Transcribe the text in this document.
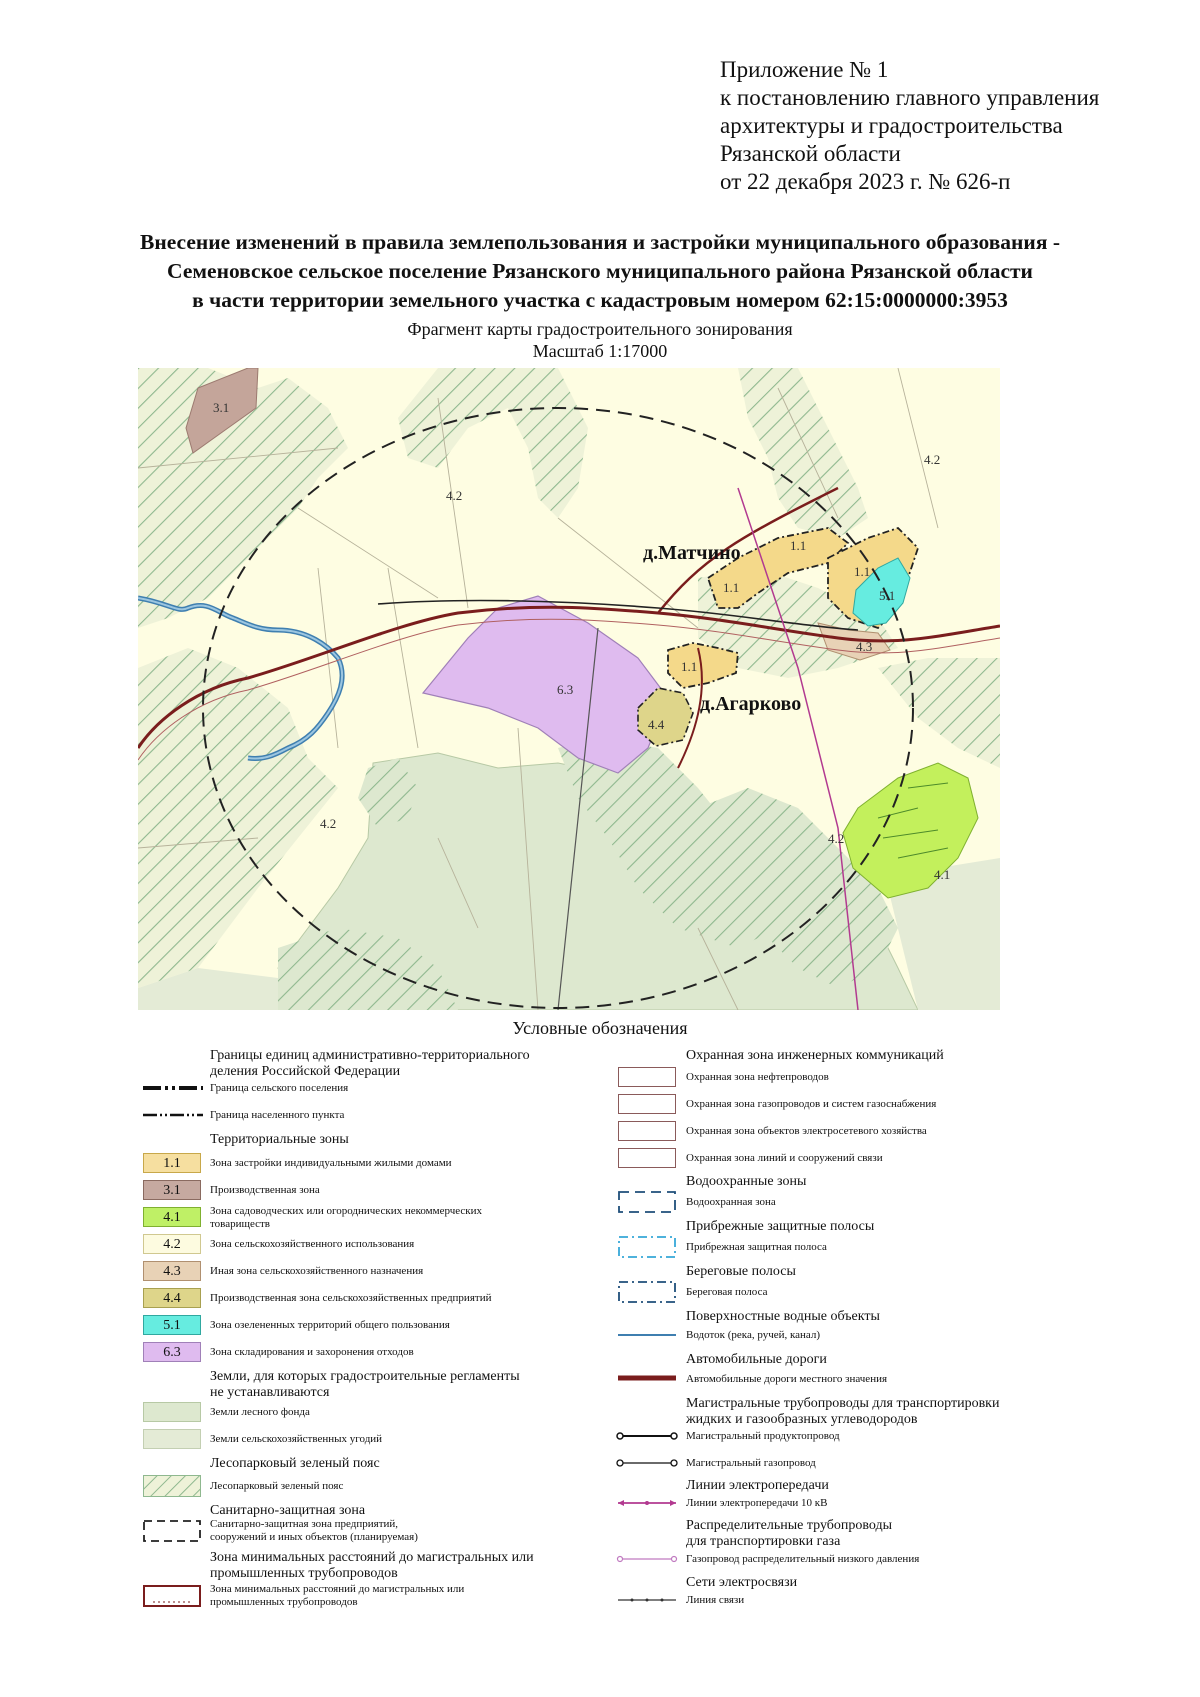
Приложение № 1
к постановлению главного управления
архитектуры и градостроительства
Рязанской области
от 22 декабря 2023 г. № 626-п
Внесение изменений в правила землепользования и застройки муниципального образования -
Семеновское сельское поселение Рязанского муниципального района Рязанской области
в части территории земельного участка с кадастровым номером 62:15:0000000:3953
Фрагмент карты градостроительного зонирования
Масштаб 1:17000
3.1
4.2
4.2
4.2
4.2
6.3
1.1
1.1
1.1
1.1
5.1
4.3
4.4
4.1
д.Матчино
д.Агарково
Условные обозначения
Границы единиц административно-территориального
деления Российской Федерации
Граница сельского поселения
Граница населенного пункта
Территориальные зоны
1.1	Зона застройки индивидуальными жилыми домами
3.1	Производственная зона
4.1	Зона садоводческих или огороднических некоммерческих
товариществ
4.2	Зона сельскохозяйственного использования
4.3	Иная зона сельскохозяйственного назначения
4.4	Производственная зона сельскохозяйственных предприятий
5.1	Зона озелененных территорий общего пользования
6.3	Зона складирования и захоронения отходов
Земли, для которых градостроительные регламенты
не устанавливаются
Земли лесного фонда
Земли сельскохозяйственных угодий
Лесопарковый зеленый пояс
Лесопарковый зеленый пояс
Санитарно-защитная зона
Санитарно-защитная зона предприятий,
сооружений и иных объектов (планируемая)
Зона минимальных расстояний до магистральных или
промышленных трубопроводов
Зона минимальных расстояний до магистральных или
промышленных трубопроводов
Охранная зона инженерных коммуникаций
Охранная зона нефтепроводов
Охранная зона газопроводов и систем газоснабжения
Охранная зона объектов электросетевого хозяйства
Охранная зона линий и сооружений связи
Водоохранные зоны
Водоохранная зона
Прибрежные защитные полосы
Прибрежная защитная полоса
Береговые полосы
Береговая полоса
Поверхностные водные объекты
Водоток (река, ручей, канал)
Автомобильные дороги
Автомобильные дороги местного значения
Магистральные трубопроводы для транспортировки
жидких и газообразных углеводородов
Магистральный продуктопровод
Магистральный газопровод
Линии электропередачи
Линии электропередачи 10 кВ
Распределительные трубопроводы
для транспортировки газа
Газопровод распределительный низкого давления
Сети электросвязи
Линия связи
